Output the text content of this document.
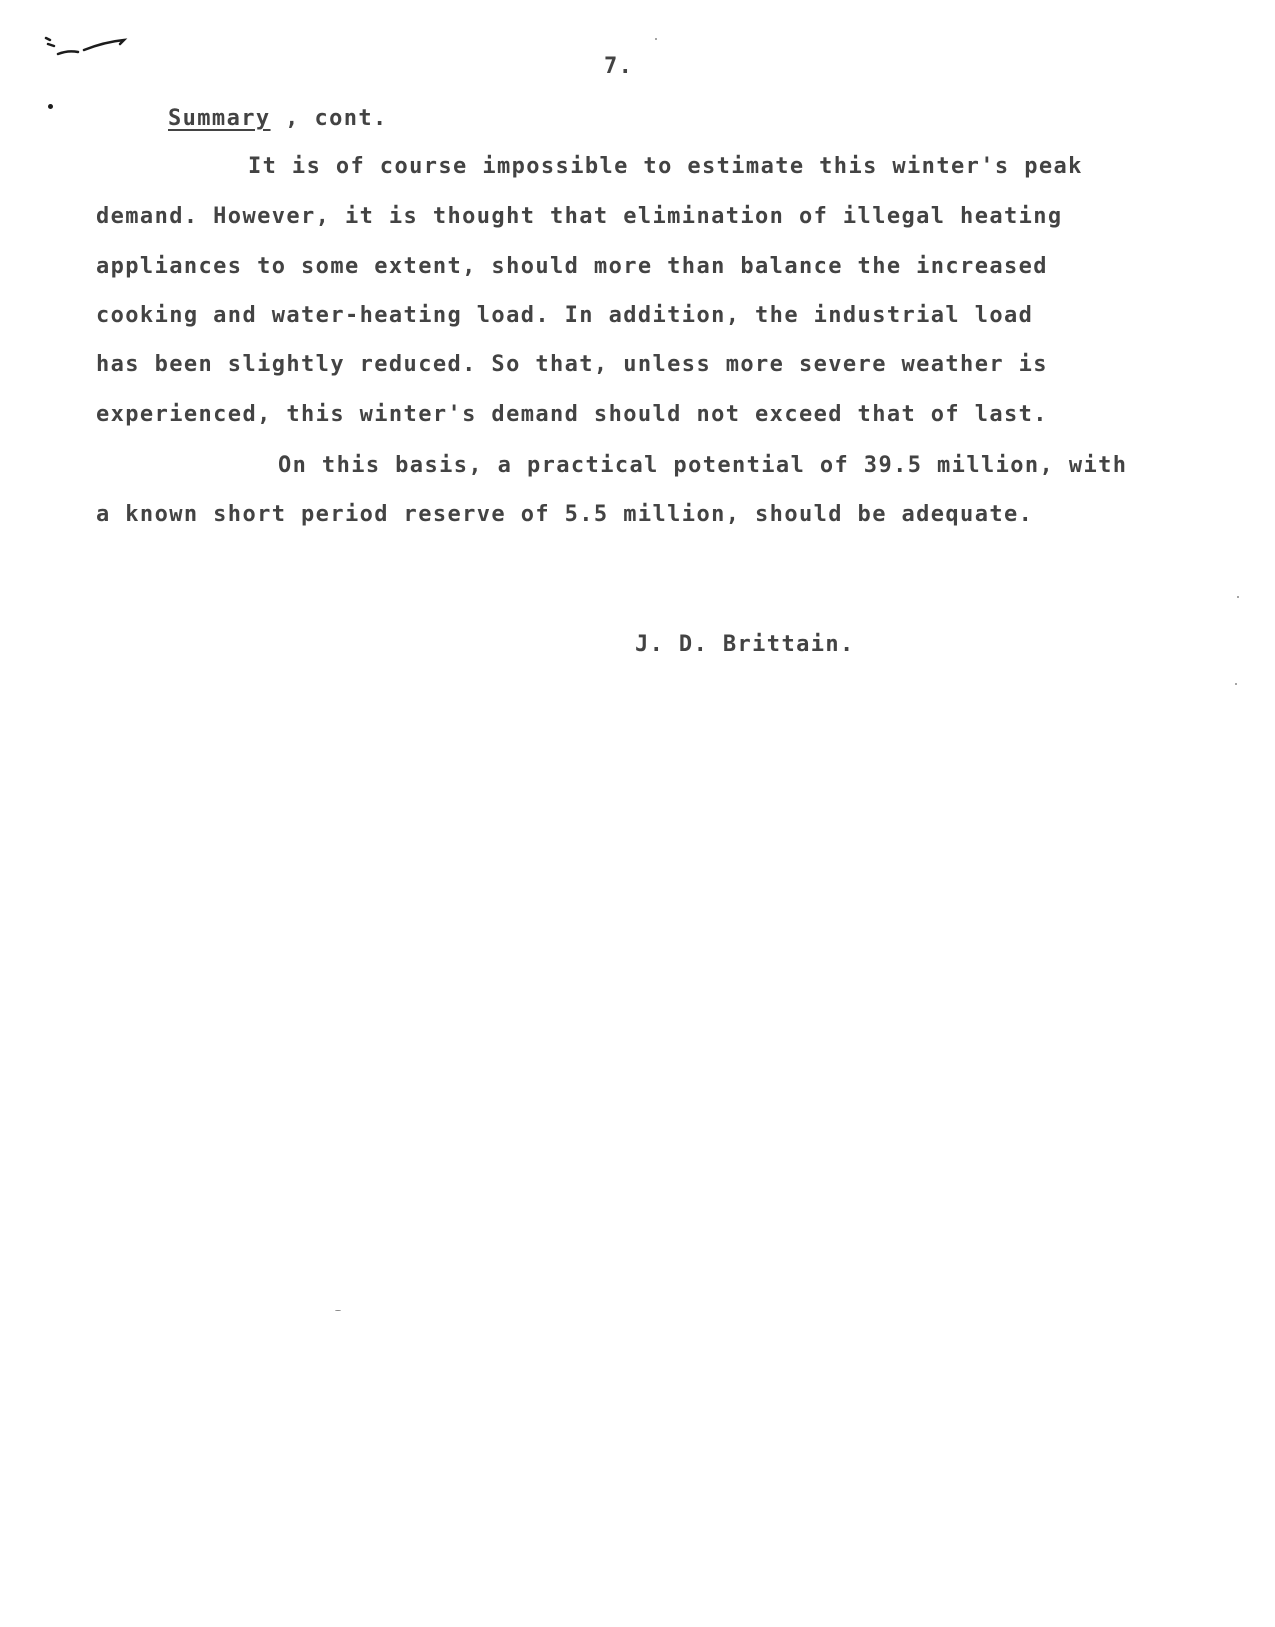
7.
Summary , cont.
It is of course impossible to estimate this winter's peak
demand. However, it is thought that elimination of illegal heating
appliances to some extent, should more than balance the increased
cooking and water-heating load. In addition, the industrial load
has been slightly reduced. So that, unless more severe weather is
experienced, this winter's demand should not exceed that of last.
On this basis, a practical potential of 39.5 million, with
a known short period reserve of 5.5 million, should be adequate.
J. D. Brittain.
